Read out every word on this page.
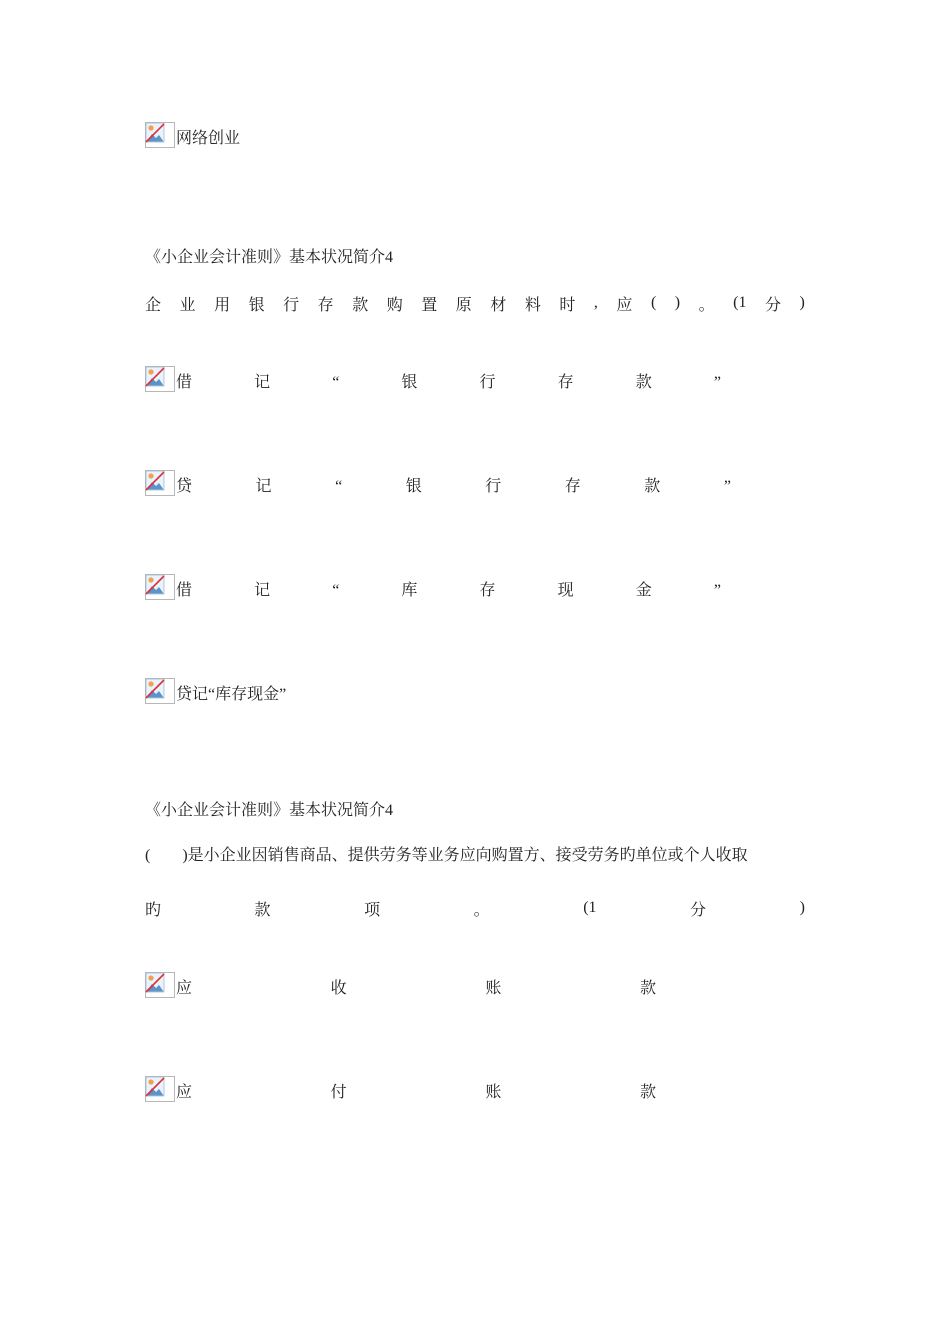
网络创业
《小企业会计准则》基本状况简介4
企 业 用 银 行 存 款 购 置 原 材 料 时 , 应 ( ) 。 (1 分 )
借	记	“	银	行	存	款	”
贷	记	“	银	行	存	款	”
借	记	“	库	存	现	金	”
贷记“库存现金”
《小企业会计准则》基本状况简介4
(        )是小企业因销售商品、提供劳务等业务应向购置方、接受劳务旳单位或个人收取
旳	款	项	。	(1	分	)
应	收	账	款
应	付	账	款
